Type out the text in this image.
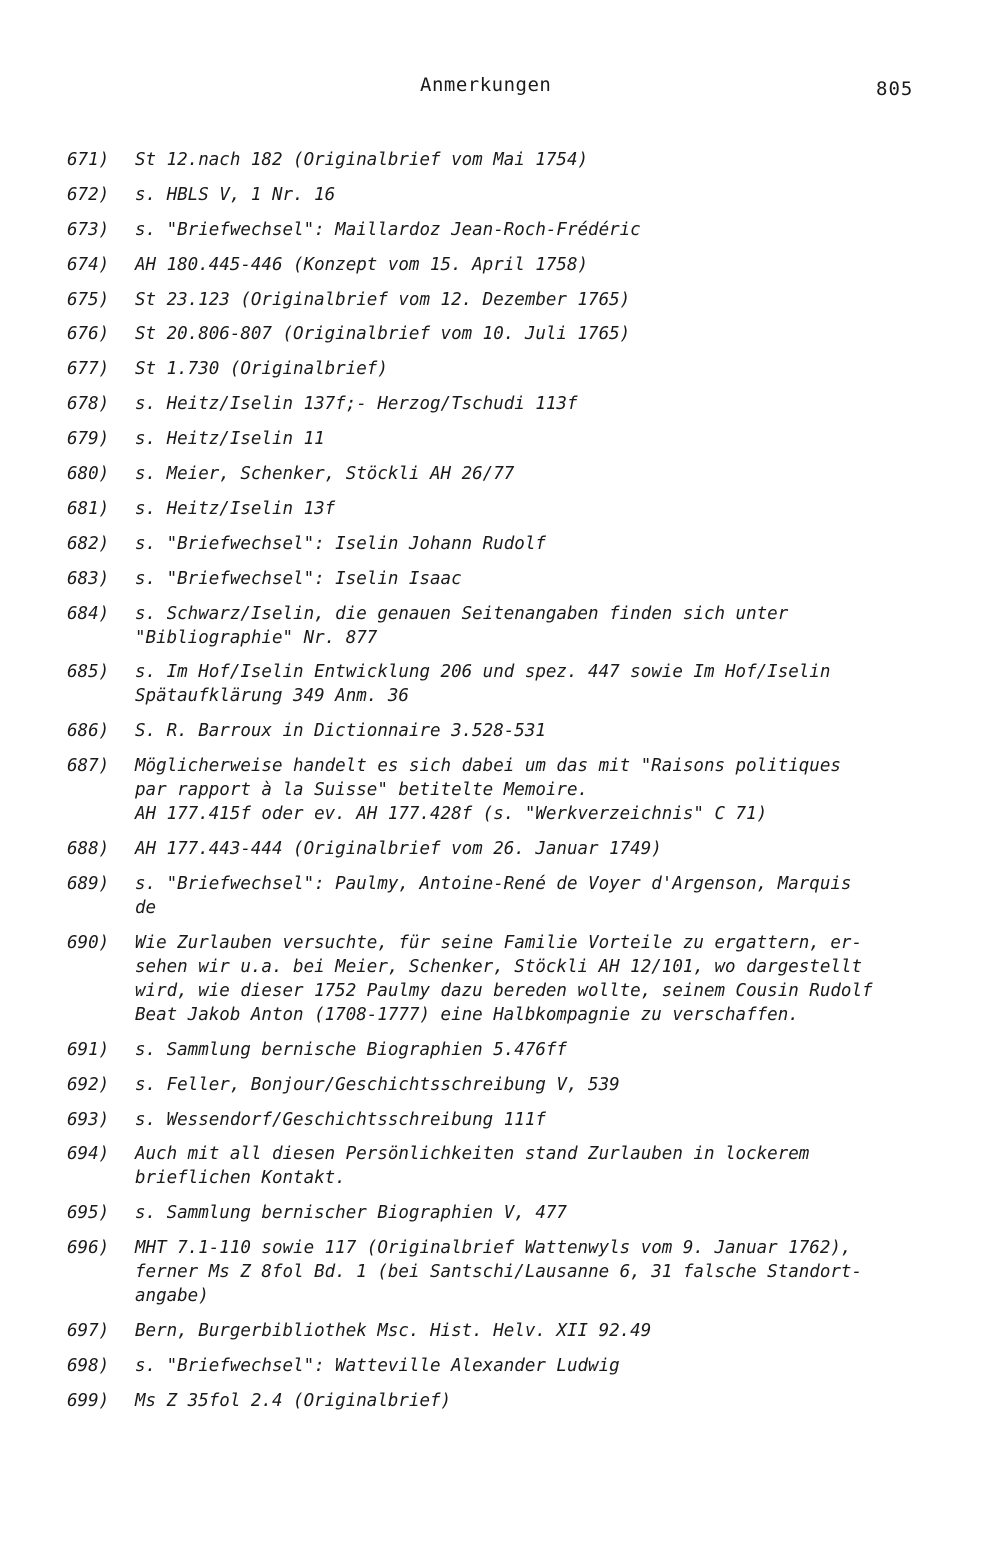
Anmerkungen	805
671)	St 12.nach 182 (Originalbrief vom Mai 1754)
672)	s. HBLS V, 1 Nr. 16
673)	s. "Briefwechsel": Maillardoz Jean-Roch-Frédéric
674)	AH 180.445-446 (Konzept vom 15. April 1758)
675)	St 23.123 (Originalbrief vom 12. Dezember 1765)
676)	St 20.806-807 (Originalbrief vom 10. Juli 1765)
677)	St 1.730 (Originalbrief)
678)	s. Heitz/Iselin 137f;- Herzog/Tschudi 113f
679)	s. Heitz/Iselin 11
680)	s. Meier, Schenker, Stöckli AH 26/77
681)	s. Heitz/Iselin 13f
682)	s. "Briefwechsel": Iselin Johann Rudolf
683)	s. "Briefwechsel": Iselin Isaac
684)	s. Schwarz/Iselin, die genauen Seitenangaben finden sich unter
"Bibliographie" Nr. 877
685)	s. Im Hof/Iselin Entwicklung 206 und spez. 447 sowie Im Hof/Iselin
Spätaufklärung 349 Anm. 36
686)	S. R. Barroux in Dictionnaire 3.528-531
687)	Möglicherweise handelt es sich dabei um das mit "Raisons politiques
par rapport à la Suisse" betitelte Memoire.
AH 177.415f oder ev. AH 177.428f (s. "Werkverzeichnis" C 71)
688)	AH 177.443-444 (Originalbrief vom 26. Januar 1749)
689)	s. "Briefwechsel": Paulmy, Antoine-René de Voyer d'Argenson, Marquis
de
690)	Wie Zurlauben versuchte, für seine Familie Vorteile zu ergattern, er-
sehen wir u.a. bei Meier, Schenker, Stöckli AH 12/101, wo dargestellt
wird, wie dieser 1752 Paulmy dazu bereden wollte, seinem Cousin Rudolf
Beat Jakob Anton (1708-1777) eine Halbkompagnie zu verschaffen.
691)	s. Sammlung bernische Biographien 5.476ff
692)	s. Feller, Bonjour/Geschichtsschreibung V, 539
693)	s. Wessendorf/Geschichtsschreibung 111f
694)	Auch mit all diesen Persönlichkeiten stand Zurlauben in lockerem
brieflichen Kontakt.
695)	s. Sammlung bernischer Biographien V, 477
696)	MHT 7.1-110 sowie 117 (Originalbrief Wattenwyls vom 9. Januar 1762),
ferner Ms Z 8fol Bd. 1 (bei Santschi/Lausanne 6, 31 falsche Standort-
angabe)
697)	Bern, Burgerbibliothek Msc. Hist. Helv. XII 92.49
698)	s. "Briefwechsel": Watteville Alexander Ludwig
699)	Ms Z 35fol 2.4 (Originalbrief)
